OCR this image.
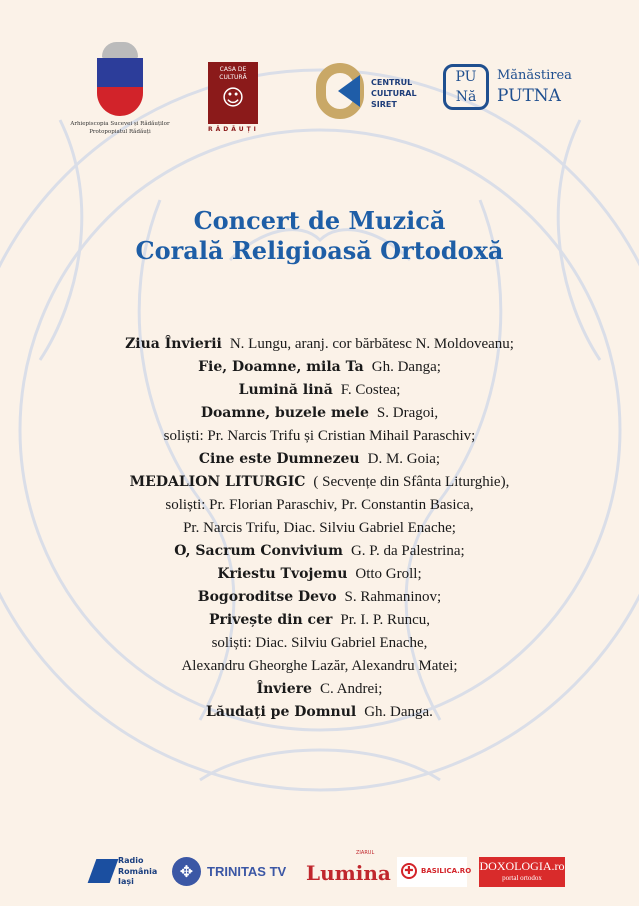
Arhiepiscopia Sucevei și Rădăuților
Protopopiatul Rădăuți
CASA DE CULTURĂ
☺
RĂDĂUȚI
CENTRUL
CULTURAL
SIRET
PU Nă
Mănăstirea
PUTNA
Concert de Muzică
Corală Religioasă Ortodoxă
Ziua Învierii N. Lungu, aranj. cor bărbătesc N. Moldoveanu;
Fie, Doamne, mila Ta Gh. Danga;
Lumină lină F. Costea;
Doamne, buzele mele S. Dragoi,
soliști: Pr. Narcis Trifu și Cristian Mihail Paraschiv;
Cine este Dumnezeu D. M. Goia;
MEDALION LITURGIC ( Secvențe din Sfânta Liturghie),
soliști: Pr. Florian Paraschiv, Pr. Constantin Basica,
Pr. Narcis Trifu, Diac. Silviu Gabriel Enache;
O, Sacrum Convivium G. P. da Palestrina;
Kriestu Tvojemu Otto Groll;
Bogoroditse Devo S. Rahmaninov;
Privește din cer Pr. I. P. Runcu,
soliști: Diac. Silviu Gabriel Enache,
Alexandru Gheorghe Lazăr, Alexandru Matei;
Înviere C. Andrei;
Lăudați pe Domnul Gh. Danga.
Radio
România
Iași
✥	TRINITAS TV
ZIARUL
Lumina	✚	BASILICA.RO DOXOLOGIA.ro
portal ortodox
